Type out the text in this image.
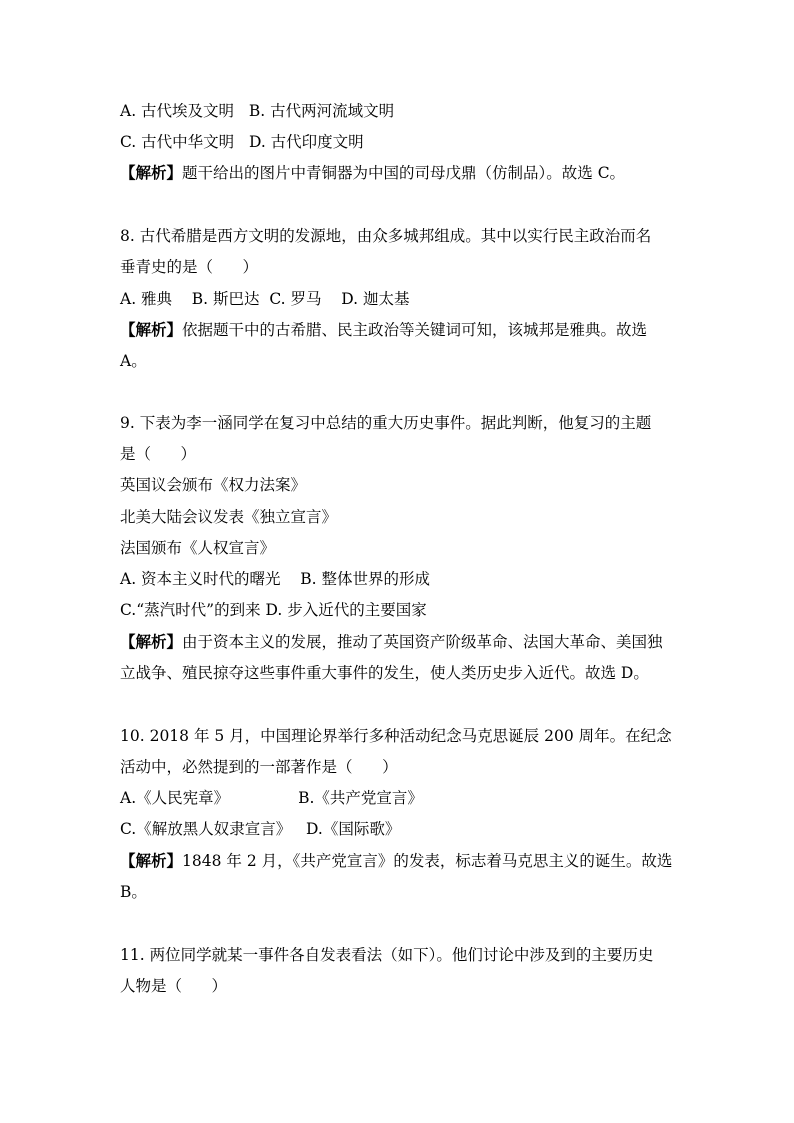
A. 古代埃及文明   B. 古代两河流域文明

C. 古代中华文明   D. 古代印度文明

【解析】题干给出的图片中青铜器为中国的司母戊鼎（仿制品）。故选 C。

8. 古代希腊是西方文明的发源地，由众多城邦组成。其中以实行民主政治而名

垂青史的是（      ）

A. 雅典    B. 斯巴达  C. 罗马    D. 迦太基

【解析】依据题干中的古希腊、民主政治等关键词可知，该城邦是雅典。故选

A。

9. 下表为李一涵同学在复习中总结的重大历史事件。据此判断，他复习的主题

是（      ）

英国议会颁布《权力法案》

北美大陆会议发表《独立宣言》

法国颁布《人权宣言》

A. 资本主义时代的曙光    B. 整体世界的形成

C.“蒸汽时代”的到来 D. 步入近代的主要国家

【解析】由于资本主义的发展，推动了英国资产阶级革命、法国大革命、美国独

立战争、殖民掠夺这些事件重大事件的发生，使人类历史步入近代。故选 D。

10. 2018 年 5 月，中国理论界举行多种活动纪念马克思诞辰 200 周年。在纪念

活动中，必然提到的一部著作是（      ）

A.《人民宪章》              B.《共产党宣言》

C.《解放黑人奴隶宣言》   D.《国际歌》

【解析】1848 年 2 月，《共产党宣言》的发表，标志着马克思主义的诞生。故选

B。

11. 两位同学就某一事件各自发表看法（如下）。他们讨论中涉及到的主要历史

人物是（      ）
